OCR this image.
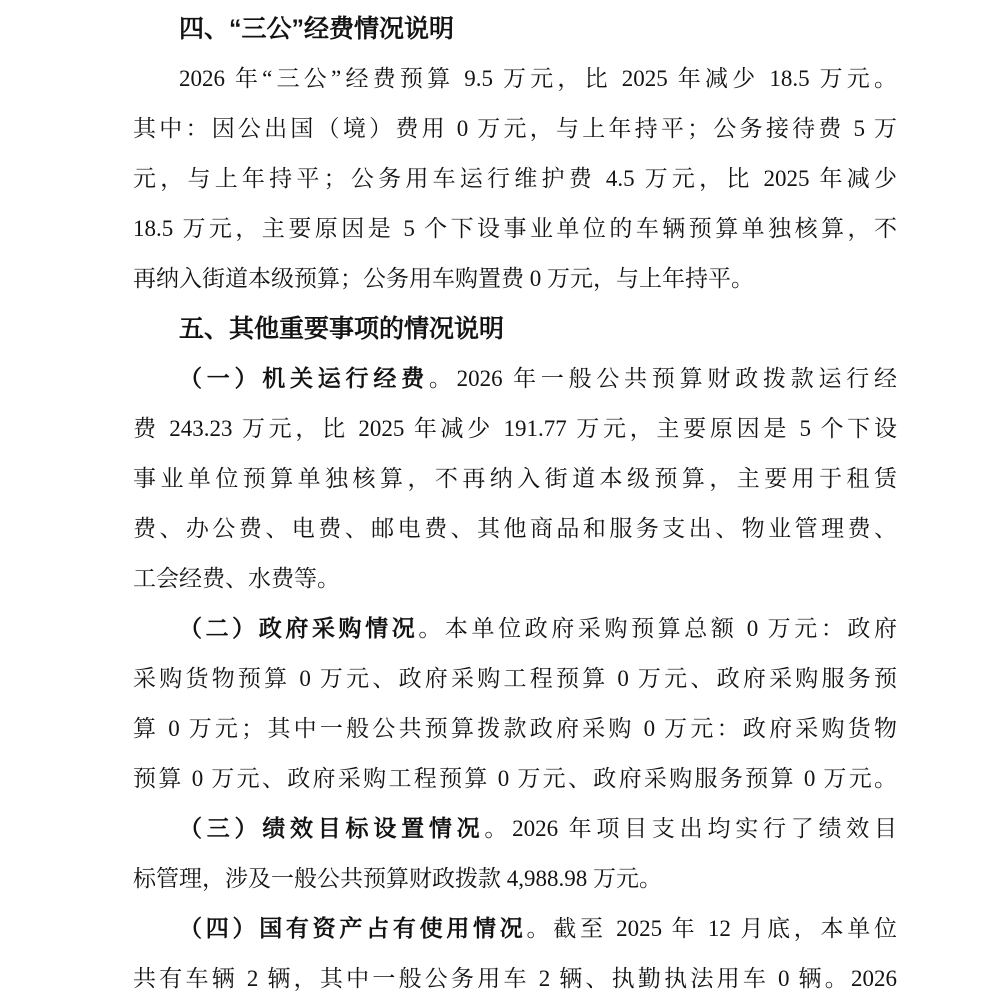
四、“三公”经费情况说明
2026 年“三公”经费预算 9.5 万元，比 2025 年减少 18.5 万元。
其中：因公出国（境）费用 0 万元，与上年持平；公务接待费 5 万
元，与上年持平；公务用车运行维护费 4.5 万元，比 2025 年减少
18.5 万元，主要原因是 5 个下设事业单位的车辆预算单独核算，不
再纳入街道本级预算；公务用车购置费 0 万元，与上年持平。
五、其他重要事项的情况说明
（一）机关运行经费。2026 年一般公共预算财政拨款运行经
费 243.23 万元，比 2025 年减少 191.77 万元，主要原因是 5 个下设
事业单位预算单独核算，不再纳入街道本级预算，主要用于租赁
费、办公费、电费、邮电费、其他商品和服务支出、物业管理费、
工会经费、水费等。
（二）政府采购情况。本单位政府采购预算总额 0 万元：政府
采购货物预算 0 万元、政府采购工程预算 0 万元、政府采购服务预
算 0 万元；其中一般公共预算拨款政府采购 0 万元：政府采购货物
预算 0 万元、政府采购工程预算 0 万元、政府采购服务预算 0 万元。
（三）绩效目标设置情况。2026 年项目支出均实行了绩效目
标管理，涉及一般公共预算财政拨款 4,988.98 万元。
（四）国有资产占有使用情况。截至 2025 年 12 月底，本单位
共有车辆 2 辆，其中一般公务用车 2 辆、执勤执法用车 0 辆。2026
